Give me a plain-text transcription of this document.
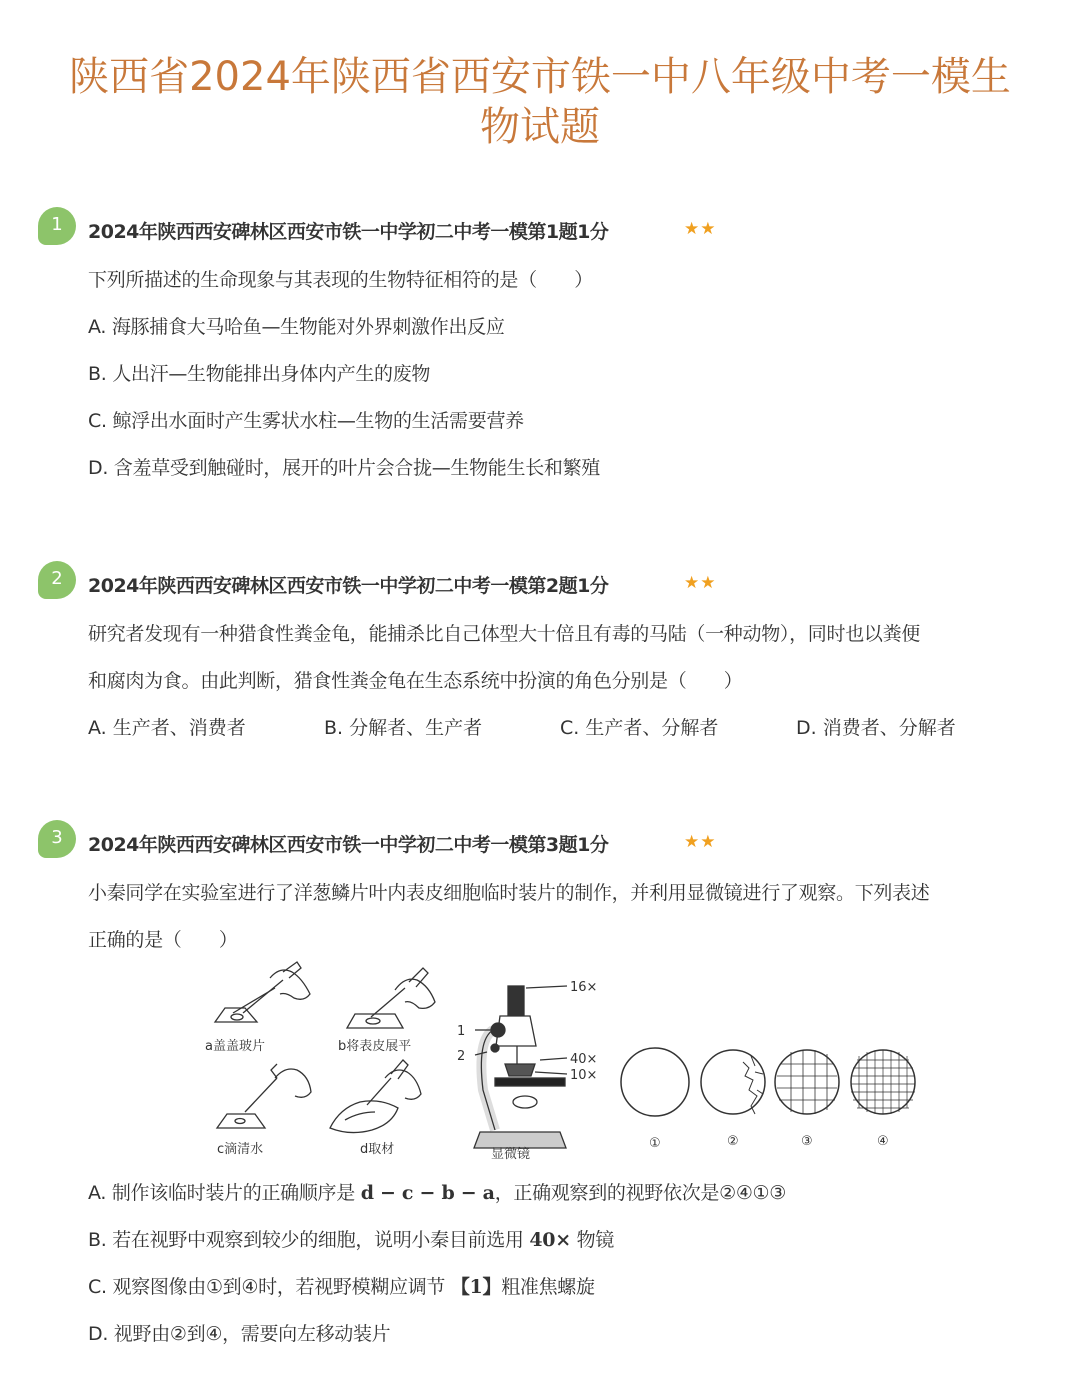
陕西省2024年陕西省西安市铁一中八年级中考一模生
物试题
1	2024年陕西西安碑林区西安市铁一中学初二中考一模第1题1分	★★
下列所描述的生命现象与其表现的生物特征相符的是（　　）
A. 海豚捕食大马哈鱼—生物能对外界刺激作出反应
B. 人出汗—生物能排出身体内产生的废物
C. 鲸浮出水面时产生雾状水柱—生物的生活需要营养
D. 含羞草受到触碰时，展开的叶片会合拢—生物能生长和繁殖
2	2024年陕西西安碑林区西安市铁一中学初二中考一模第2题1分	★★
研究者发现有一种猎食性粪金龟，能捕杀比自己体型大十倍且有毒的马陆（一种动物），同时也以粪便
和腐肉为食。由此判断，猎食性粪金龟在生态系统中扮演的角色分别是（　　）
A. 生产者、消费者	B. 分解者、生产者	C. 生产者、分解者	D. 消费者、分解者
3	2024年陕西西安碑林区西安市铁一中学初二中考一模第3题1分	★★
小秦同学在实验室进行了洋葱鳞片叶内表皮细胞临时装片的制作，并利用显微镜进行了观察。下列表述
正确的是（　　）
a盖盖玻片	b将表皮展平
c滴清水	d取材
16×
40×
10×
1
2
显微镜
①	②	③	④
A. 制作该临时装片的正确顺序是 d − c − b − a，正确观察到的视野依次是②④①③
B. 若在视野中观察到较少的细胞，说明小秦目前选用 40× 物镜
C. 观察图像由①到④时，若视野模糊应调节 【1】粗准焦螺旋
D. 视野由②到④，需要向左移动装片
